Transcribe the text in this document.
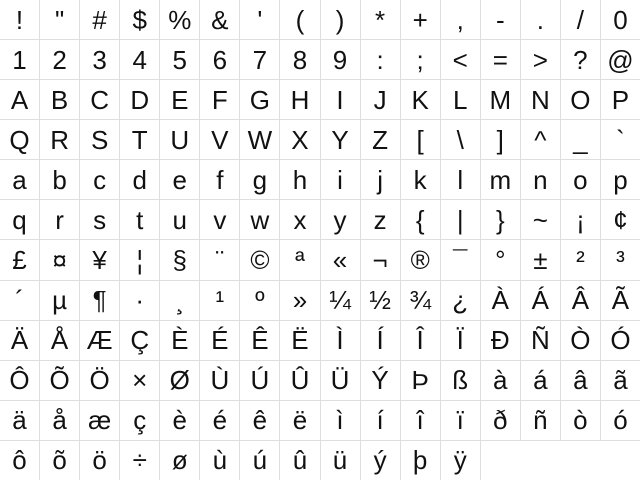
!	"	# $ % &	'	(	)	*	+	,	-	.	/	0
1 2 3 4 5 6 7 8 9	:	;	< = > ? @
A B C D E F G H	I	J K L M N O P
Q R S T U V W X Y Z	[	\	]	^	_	`
a b	c	d e	f	g h	i	j	k	l	m n o p
q	r	s	t	u	v w x	y	z	{	|	}	~	¡	¢
£ ¤ ¥	¦	§	¨	© ª	« ¬ ® ¯	°	±	²	³
´	µ ¶	·	¸	¹	º	» ¼ ½ ¾ ¿ À Á Â Ã
Ä Å Æ Ç È É Ê Ë	Ì	Í	Î	Ï	Ð Ñ Ò Ó
Ô Õ Ö × Ø Ù Ú Û Ü Ý Þ ß à á â ã
ä å æ ç	è é ê ë	ì	í	î	ï	ð ñ ò ó
ô õ ö ÷ ø ù ú û ü	ý	þ	ÿ
